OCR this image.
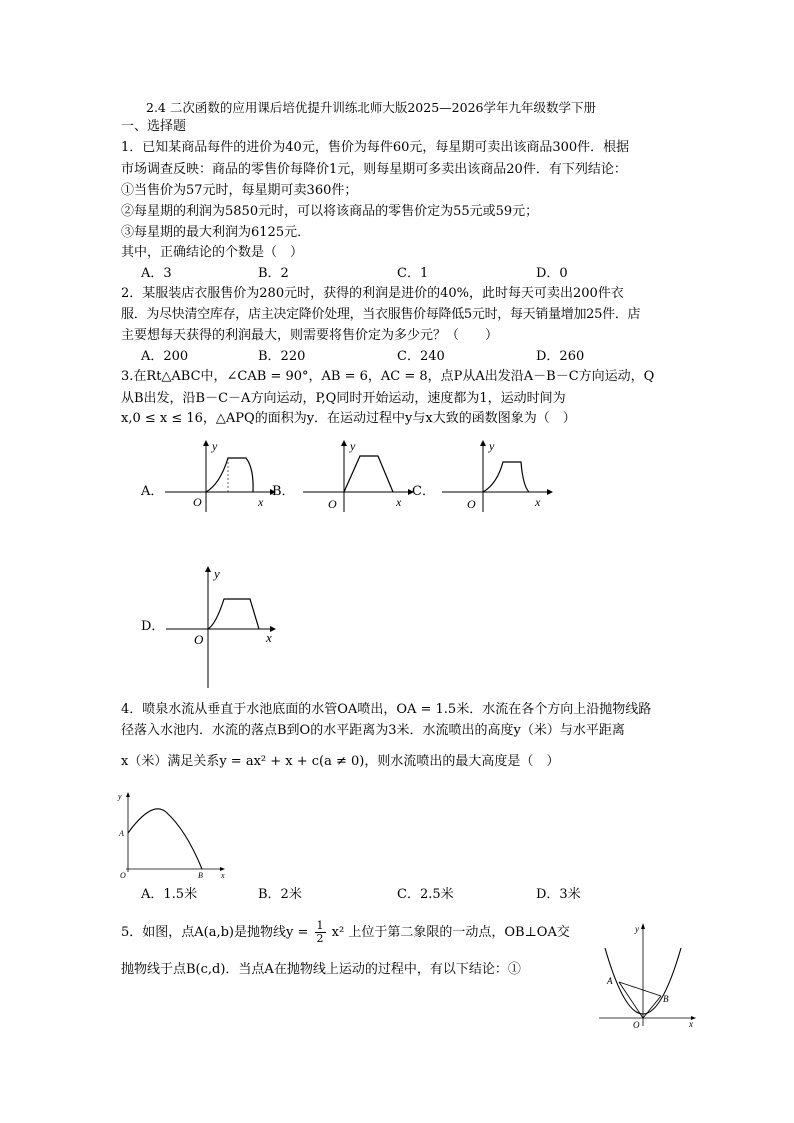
2.4 二次函数的应用课后培优提升训练北师大版2025—2026学年九年级数学下册
一、选择题
1．已知某商品每件的进价为40元，售价为每件60元，每星期可卖出该商品300件．根据
市场调查反映：商品的零售价每降价1元，则每星期可多卖出该商品20件．有下列结论：
①当售价为57元时，每星期可卖360件；
②每星期的利润为5850元时，可以将该商品的零售价定为55元或59元；
③每星期的最大利润为6125元．
其中，正确结论的个数是（　）
A．3	B．2	C．1	D．0
2．某服装店衣服售价为280元时，获得的利润是进价的40%，此时每天可卖出200件衣
服．为尽快清空库存，店主决定降价处理，当衣服售价每降低5元时，每天销量增加25件．店
主要想每天获得的利润最大，则需要将售价定为多少元？（　　）
A．200	B．220	C．240	D．260
3.在Rt△ABC中，∠CAB = 90°，AB = 6，AC = 8，点P从A出发沿A－B－C方向运动，Q
从B出发，沿B－C－A方向运动，P,Q同时开始运动，速度都为1，运动时间为
x,0 ≤ x ≤ 16，△APQ的面积为y．在运动过程中y与x大致的函数图象为（　）
A．
y
x
O
B．
y
x
O
C．
y
x
O
D．
y
x
O
4．喷泉水流从垂直于水池底面的水管OA喷出，OA = 1.5米．水流在各个方向上沿抛物线路
径落入水池内．水流的落点B到O的水平距离为3米．水流喷出的高度y（米）与水平距离
x（米）满足关系y = ax² + x + c(a ≠ 0)，则水流喷出的最大高度是（　）
y
x
O
A
B
A．1.5米	B．2米	C．2.5米	D．3米
5．如图，点A(a,b)是抛物线$y = \frac{1}{2} x^2$ 上位于第二象限的一动点，OB⊥OA交
抛物线于点B(c,d)．当点A在抛物线上运动的过程中，有以下结论：①
y
x
O
A
B
